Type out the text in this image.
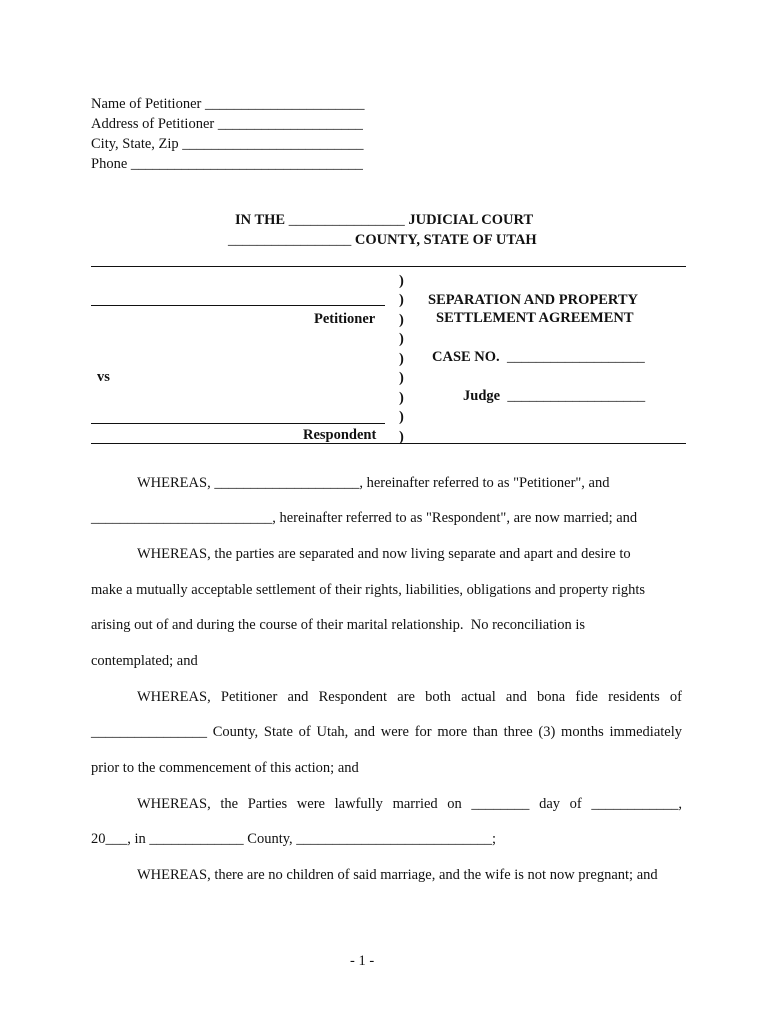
Name of Petitioner ______________________
Address of Petitioner ____________________
City, State, Zip _________________________
Phone ________________________________
IN THE ________________ JUDICIAL COURT
_________________ COUNTY, STATE OF UTAH
Petitioner
vs
Respondent
)
)
)
)
)
)
)
)
)
SEPARATION AND PROPERTY
SETTLEMENT AGREEMENT
CASE NO. ___________________
Judge ___________________
WHEREAS, ____________________, hereinafter referred to as "Petitioner", and
_________________________, hereinafter referred to as "Respondent", are now married; and
WHEREAS, the parties are separated and now living separate and apart and desire to
make a mutually acceptable settlement of their rights, liabilities, obligations and property rights
arising out of and during the course of their marital relationship.  No reconciliation is
contemplated; and
WHEREAS, Petitioner and Respondent are both actual and bona fide residents of
________________ County, State of Utah, and were for more than three (3) months immediately
prior to the commencement of this action; and
WHEREAS, the Parties were lawfully married on ________ day of ____________,
20___, in _____________ County, ___________________________;
WHEREAS, there are no children of said marriage, and the wife is not now pregnant; and
- 1 -
